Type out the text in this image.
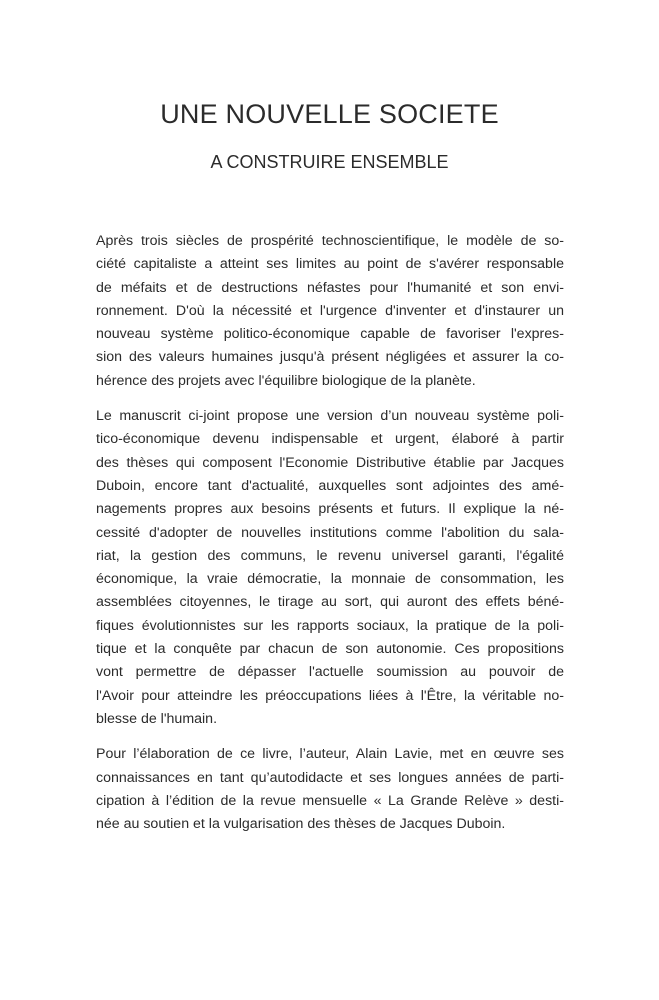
UNE NOUVELLE SOCIETE
A CONSTRUIRE ENSEMBLE

Après trois siècles de prospérité technoscientifique, le modèle de so-
ciété capitaliste a atteint ses limites au point de s'avérer responsable
de méfaits et de destructions néfastes pour l'humanité et son envi-
ronnement. D'où la nécessité et l'urgence d'inventer et d'instaurer un
nouveau système politico-économique capable de favoriser l'expres-
sion des valeurs humaines jusqu'à présent négligées et assurer la co-
hérence des projets avec l'équilibre biologique de la planète.

Le manuscrit ci-joint propose une version d’un nouveau système poli-
tico-économique devenu indispensable et urgent, élaboré à partir
des thèses qui composent l'Economie Distributive établie par Jacques
Duboin, encore tant d'actualité, auxquelles sont adjointes des amé-
nagements propres aux besoins présents et futurs. Il explique la né-
cessité d'adopter de nouvelles institutions comme l'abolition du sala-
riat, la gestion des communs, le revenu universel garanti, l'égalité
économique, la vraie démocratie, la monnaie de consommation, les
assemblées citoyennes, le tirage au sort, qui auront des effets béné-
fiques évolutionnistes sur les rapports sociaux, la pratique de la poli-
tique et la conquête par chacun de son autonomie. Ces propositions
vont permettre de dépasser l'actuelle soumission au pouvoir de
l'Avoir pour atteindre les préoccupations liées à l'Être, la véritable no-
blesse de l'humain.

Pour l’élaboration de ce livre, l’auteur, Alain Lavie, met en œuvre ses
connaissances en tant qu’autodidacte et ses longues années de parti-
cipation à l’édition de la revue mensuelle « La Grande Relève » desti-
née au soutien et la vulgarisation des thèses de Jacques Duboin.
